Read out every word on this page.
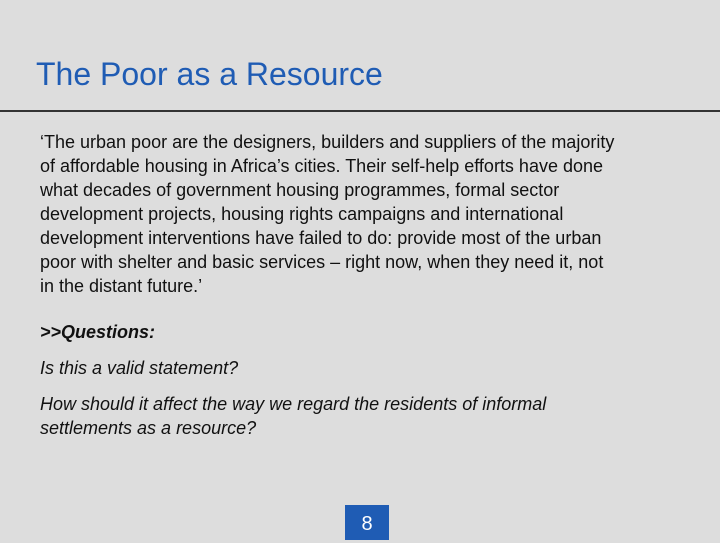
The Poor as a Resource

‘The urban poor are the designers, builders and suppliers of the majority
of affordable housing in Africa’s cities. Their self-help efforts have done
what decades of government housing programmes, formal sector
development projects, housing rights campaigns and international
development interventions have failed to do: provide most of the urban
poor with shelter and basic services – right now, when they need it, not
in the distant future.’

>>Questions:

Is this a valid statement?

How should it affect the way we regard the residents of informal
settlements as a resource?

8
